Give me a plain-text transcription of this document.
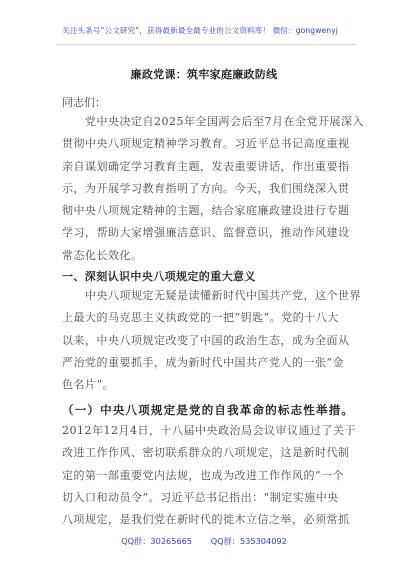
关注头条号“公文研究”，获得最新最全最专业的公文资料库！ 微信：gongwenyj
廉政党课：筑牢家庭廉政防线
同志们：
　　党中央决定自2025年全国两会后至7月在全党开展深入
贯彻中央八项规定精神学习教育。习近平总书记高度重视
亲自谋划确定学习教育主题，发表重要讲话，作出重要指
示，为开展学习教育指明了方向。今天，我们围绕深入贯
彻中央八项规定精神的主题，结合家庭廉政建设进行专题
学习，帮助大家增强廉洁意识、监督意识，推动作风建设
常态化长效化。
一、深刻认识中央八项规定的重大意义
　　中央八项规定无疑是读懂新时代中国共产党，这个世界
上最大的马克思主义执政党的一把“钥匙”。党的十八大
以来，中央八项规定改变了中国的政治生态，成为全面从
严治党的重要抓手，成为新时代中国共产党人的一张“金
色名片”。
（一）中央八项规定是党的自我革命的标志性举措。
2012年12月4日，十八届中央政治局会议审议通过了关于
改进工作作风、密切联系群众的八项规定，这是新时代制
定的第一部重要党内法规，也成为改进工作作风的“一个
切入口和动员令”。习近平总书记指出：“制定实施中央
八项规定，是我们党在新时代的徙木立信之举，必须常抓
QQ群：30265665 QQ群：535304092
